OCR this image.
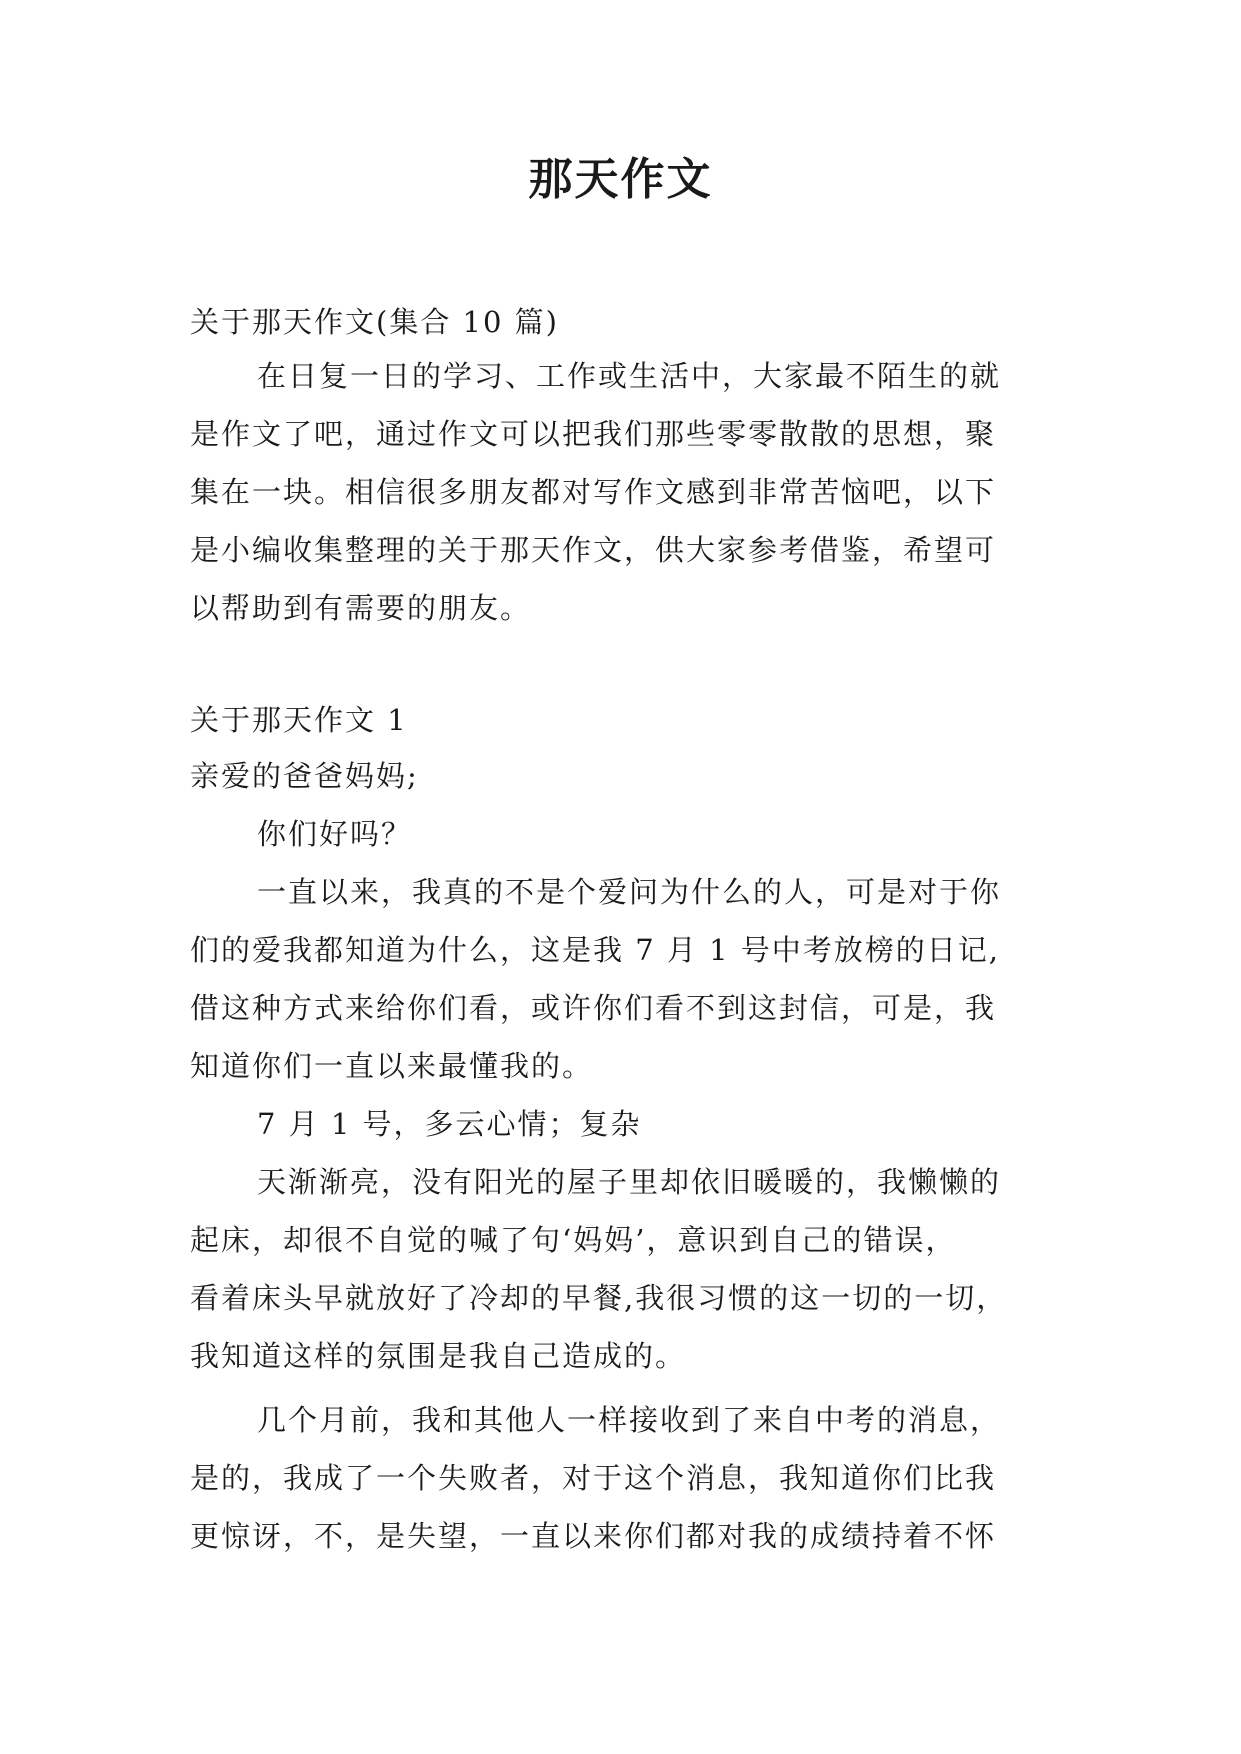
那天作文

关于那天作文(集合 10 篇)

在日复一日的学习、工作或生活中，大家最不陌生的就

是作文了吧，通过作文可以把我们那些零零散散的思想，聚

集在一块。相信很多朋友都对写作文感到非常苦恼吧，以下

是小编收集整理的关于那天作文，供大家参考借鉴，希望可

以帮助到有需要的朋友。

关于那天作文 1

亲爱的爸爸妈妈;

你们好吗？

一直以来，我真的不是个爱问为什么的人，可是对于你

们的爱我都知道为什么，这是我 7 月 1 号中考放榜的日记,

借这种方式来给你们看，或许你们看不到这封信，可是，我

知道你们一直以来最懂我的。

7 月 1 号，多云心情；复杂

天渐渐亮，没有阳光的屋子里却依旧暖暖的，我懒懒的

起床，却很不自觉的喊了句‘妈妈’，意识到自己的错误，

看着床头早就放好了冷却的早餐,我很习惯的这一切的一切，

我知道这样的氛围是我自己造成的。

几个月前，我和其他人一样接收到了来自中考的消息，

是的，我成了一个失败者，对于这个消息，我知道你们比我

更惊讶，不，是失望，一直以来你们都对我的成绩持着不怀
